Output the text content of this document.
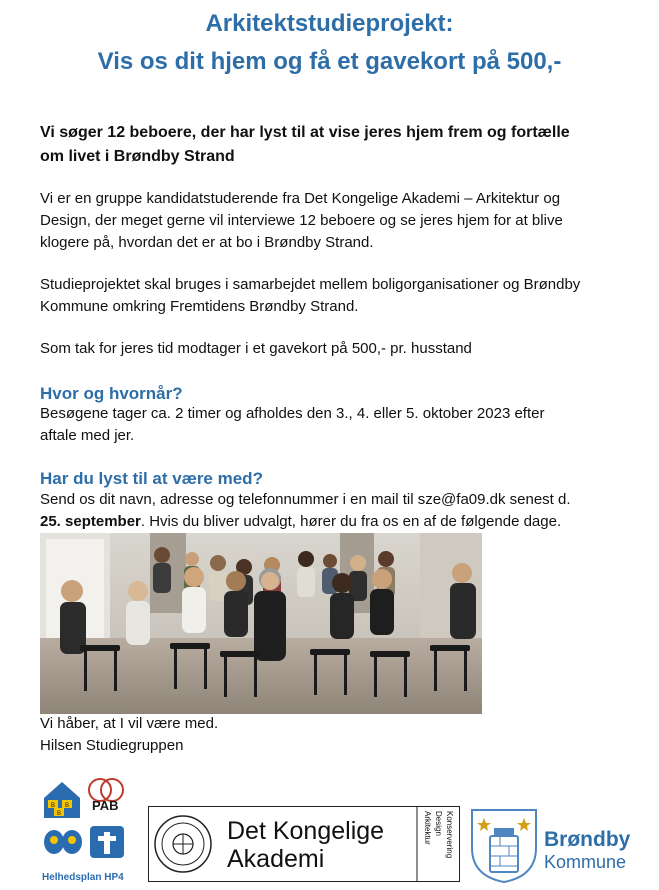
Arkitektstudieprojekt:
Vis os dit hjem og få et gavekort på 500,-
Vi søger 12 beboere, der har lyst til at vise jeres hjem frem og fortælle
om livet i Brøndby Strand
Vi er en gruppe kandidatstuderende fra Det Kongelige Akademi – Arkitektur og
Design, der meget gerne vil interviewe 12 beboere og se jeres hjem for at blive
klogere på, hvordan det er at bo i Brøndby Strand.
Studieprojektet skal bruges i samarbejdet mellem boligorganisationer og Brøndby
Kommune omkring Fremtidens Brøndby Strand.
Som tak for jeres tid modtager i et gavekort på 500,- pr. husstand
Hvor og hvornår?
Besøgene tager ca. 2 timer og afholdes den 3., 4. eller 5. oktober 2023 efter
aftale med jer.
Har du lyst til at være med?
Send os dit navn, adresse og telefonnummer i en mail til sze@fa09.dk senest d.
25. september. Hvis du bliver udvalgt, hører du fra os en af de følgende dage.
Vi håber, at I vil være med.
Hilsen Studiegruppen
B B
B
PAB
Helhedsplan HP4
Det Kongelige
Akademi
Arkitektur Design Konservering	Brøndby
Kommune
